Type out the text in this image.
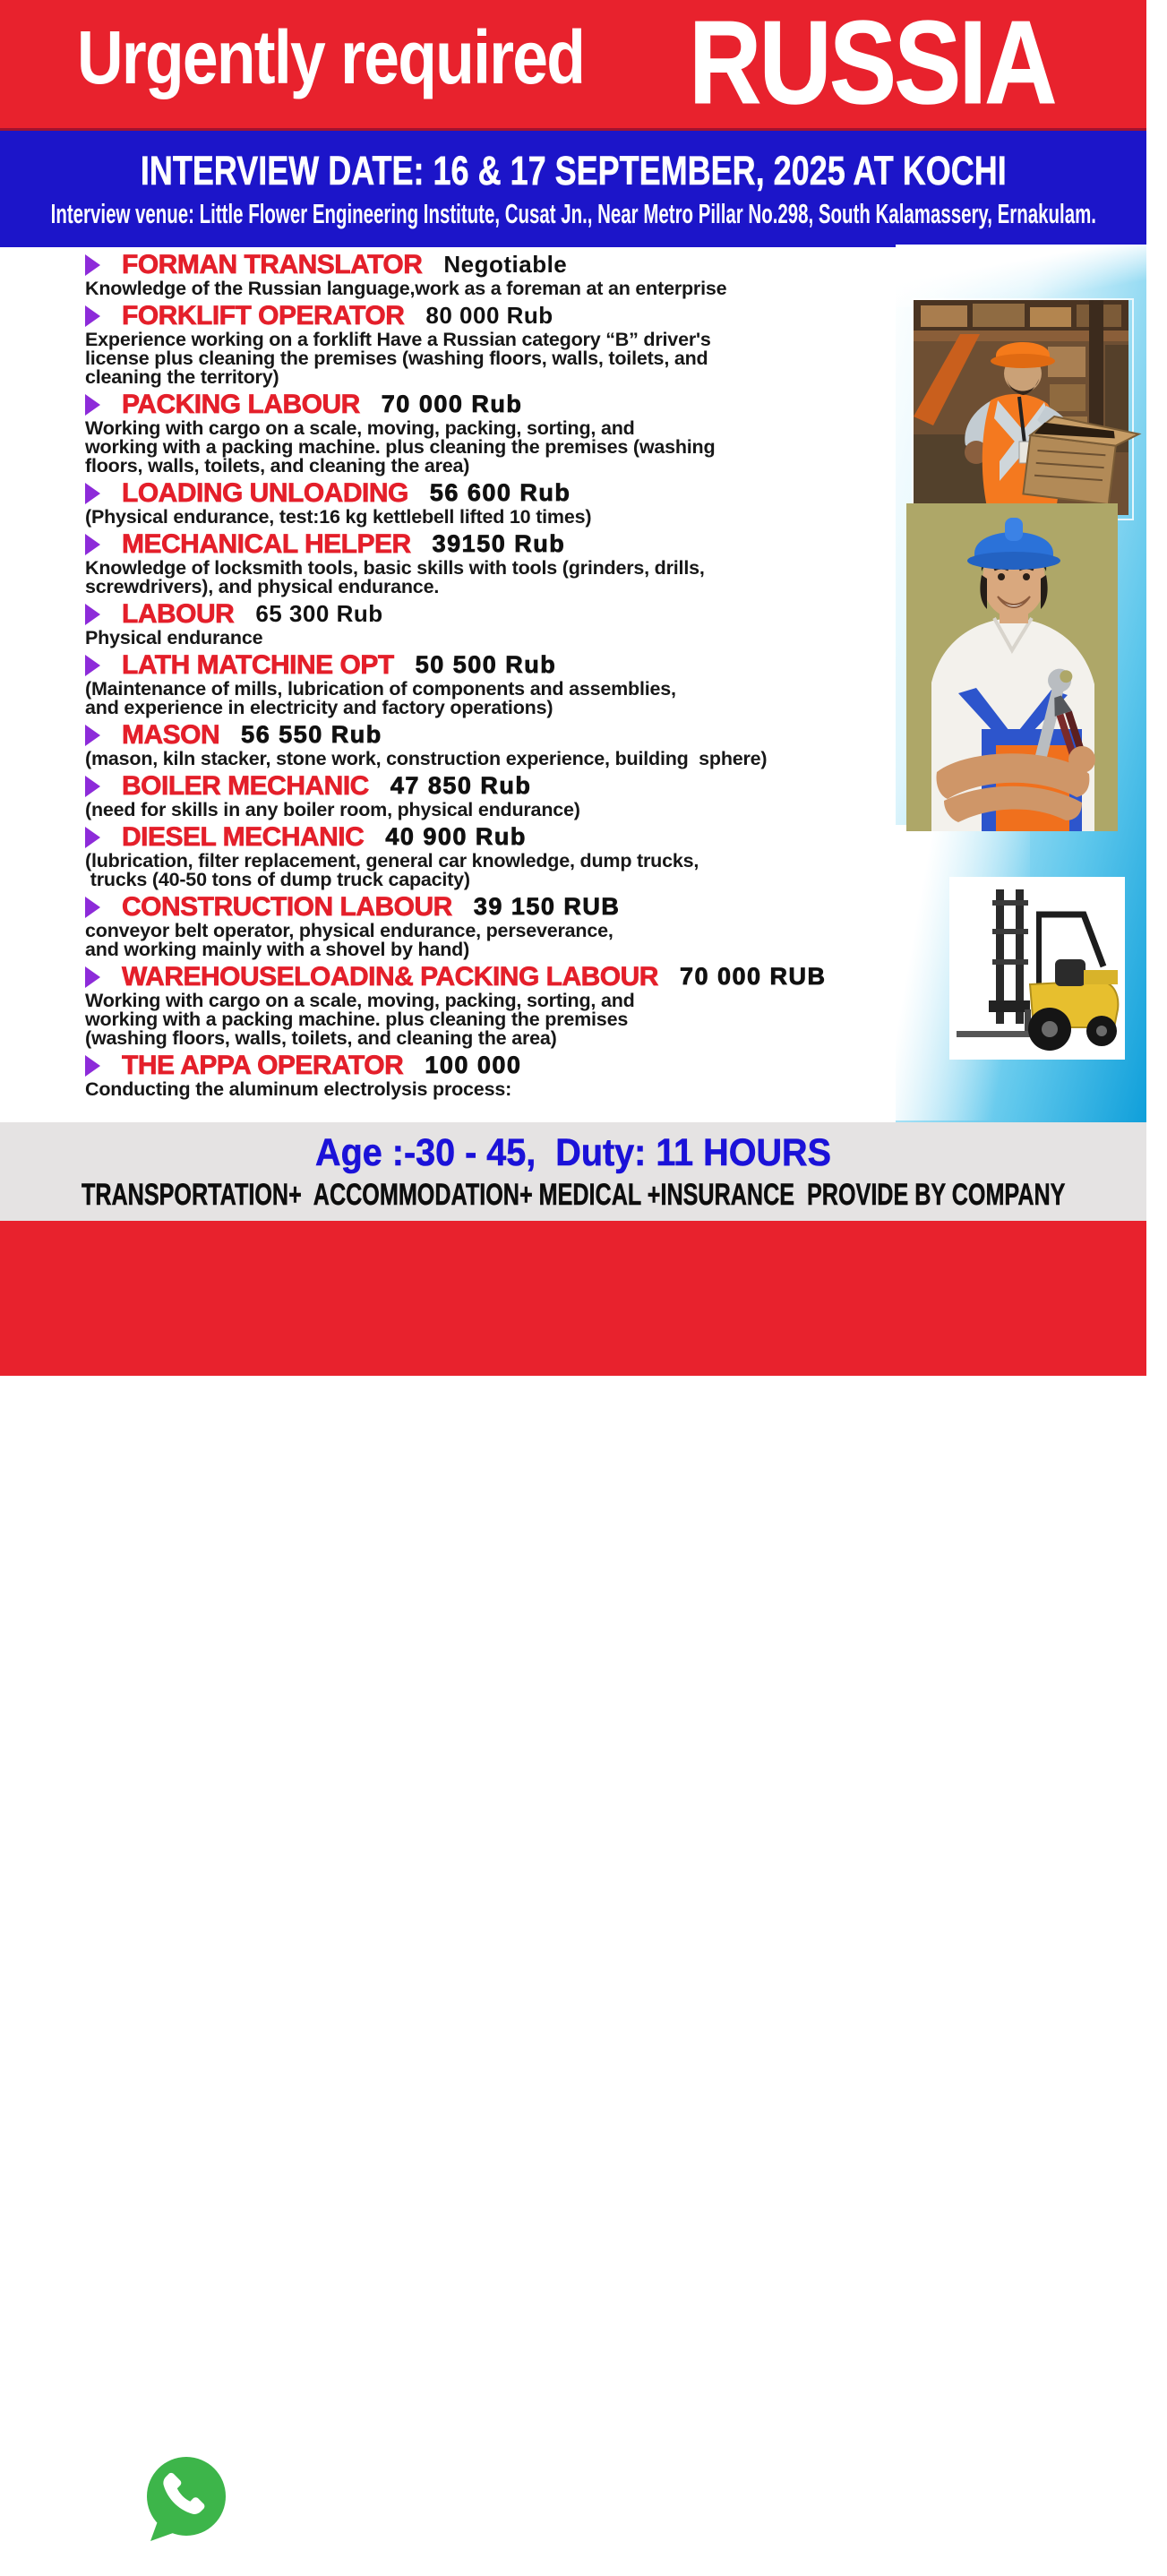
Urgently required RUSSIA
INTERVIEW DATE: 16 & 17 SEPTEMBER, 2025 AT KOCHI
Interview venue: Little Flower Engineering Institute, Cusat Jn., Near Metro Pillar No.298, South Kalamassery, Ernakulam.
FORMAN TRANSLATOR Negotiable
Knowledge of the Russian language,work as a foreman at an enterprise
FORKLIFT OPERATOR 80 000 Rub
Experience working on a forklift Have a Russian category “B” driver's
license plus cleaning the premises (washing floors, walls, toilets, and
cleaning the territory)
PACKING LABOUR 70 000 Rub
Working with cargo on a scale, moving, packing, sorting, and
working with a packing machine. plus cleaning the premises (washing
floors, walls, toilets, and cleaning the area)
LOADING UNLOADING 56 600 Rub
(Physical endurance, test:16 kg kettlebell lifted 10 times)
MECHANICAL HELPER 39150 Rub
Knowledge of locksmith tools, basic skills with tools (grinders, drills,
screwdrivers), and physical endurance.
LABOUR 65 300 Rub
Physical endurance
LATH MATCHINE OPT 50 500 Rub
(Maintenance of mills, lubrication of components and assemblies,
and experience in electricity and factory operations)
MASON 56 550 Rub
(mason, kiln stacker, stone work, construction experience, building  sphere)
BOILER MECHANIC 47 850 Rub
(need for skills in any boiler room, physical endurance)
DIESEL MECHANIC 40 900 Rub
(lubrication, filter replacement, general car knowledge, dump trucks,
trucks (40-50 tons of dump truck capacity)
CONSTRUCTION LABOUR 39 150 RUB
conveyor belt operator, physical endurance, perseverance,
and working mainly with a shovel by hand)
WAREHOUSELOADIN& PACKING LABOUR 70 000 RUB
Working with cargo on a scale, moving, packing, sorting, and
working with a packing machine. plus cleaning the premises
(washing floors, walls, toilets, and cleaning the area)
THE APPA OPERATOR 100 000
Conducting the aluminum electrolysis process:
Age :-30 - 45,  Duty: 11 HOURS
TRANSPORTATION+  ACCOMMODATION+ MEDICAL +INSURANCE  PROVIDE BY COMPANY
9744603126, 7034289289
M/s FAZAL ENTERPRISES Lic. B-2025/MUM/PART/1000+/5/10343/2023
